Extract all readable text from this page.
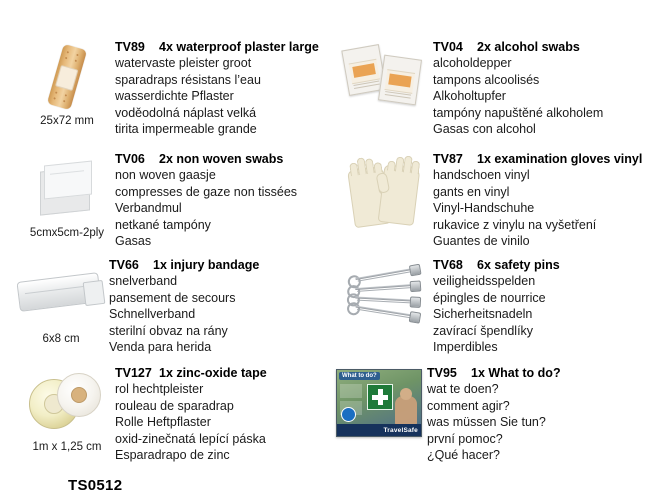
25x72 mm
TV89	4x waterproof plaster large
watervaste pleister groot
sparadraps résistans l’eau
wasserdichte Pflaster
voděodolná náplast velká
tirita impermeable grande
TV04	2x alcohol swabs
alcoholdepper
tampons alcoolisés
Alkoholtupfer
tampóny napuštěné alkoholem
Gasas con alcohol
5cmx5cm-2ply
TV06	2x non woven swabs
non woven gaasje
compresses de gaze non tissées
Verbandmul
netkané tampóny
Gasas
TV87	1x examination gloves vinyl
handschoen vinyl
gants en vinyl
Vinyl-Handschuhe
rukavice z vinylu na vyšetření
Guantes de vinilo
6x8 cm
TV66	1x injury bandage
snelverband
pansement de secours
Schnellverband
sterilní obvaz na rány
Venda para herida
TV68	6x safety pins
veiligheidsspelden
épingles de nourrice
Sicherheitsnadeln
zavírací špendlíky
Imperdibles
1m x 1,25 cm
TV127 1x zinc-oxide tape
rol hechtpleister
rouleau de sparadrap
Rolle Heftpflaster
oxid-zinečnatá lepící páska
Esparadrapo de zinc
What to do?
TravelSafe
TV95	1x What to do?
wat te doen?
comment agir?
was müssen Sie tun?
první pomoc?
¿Qué hacer?
TS0512
